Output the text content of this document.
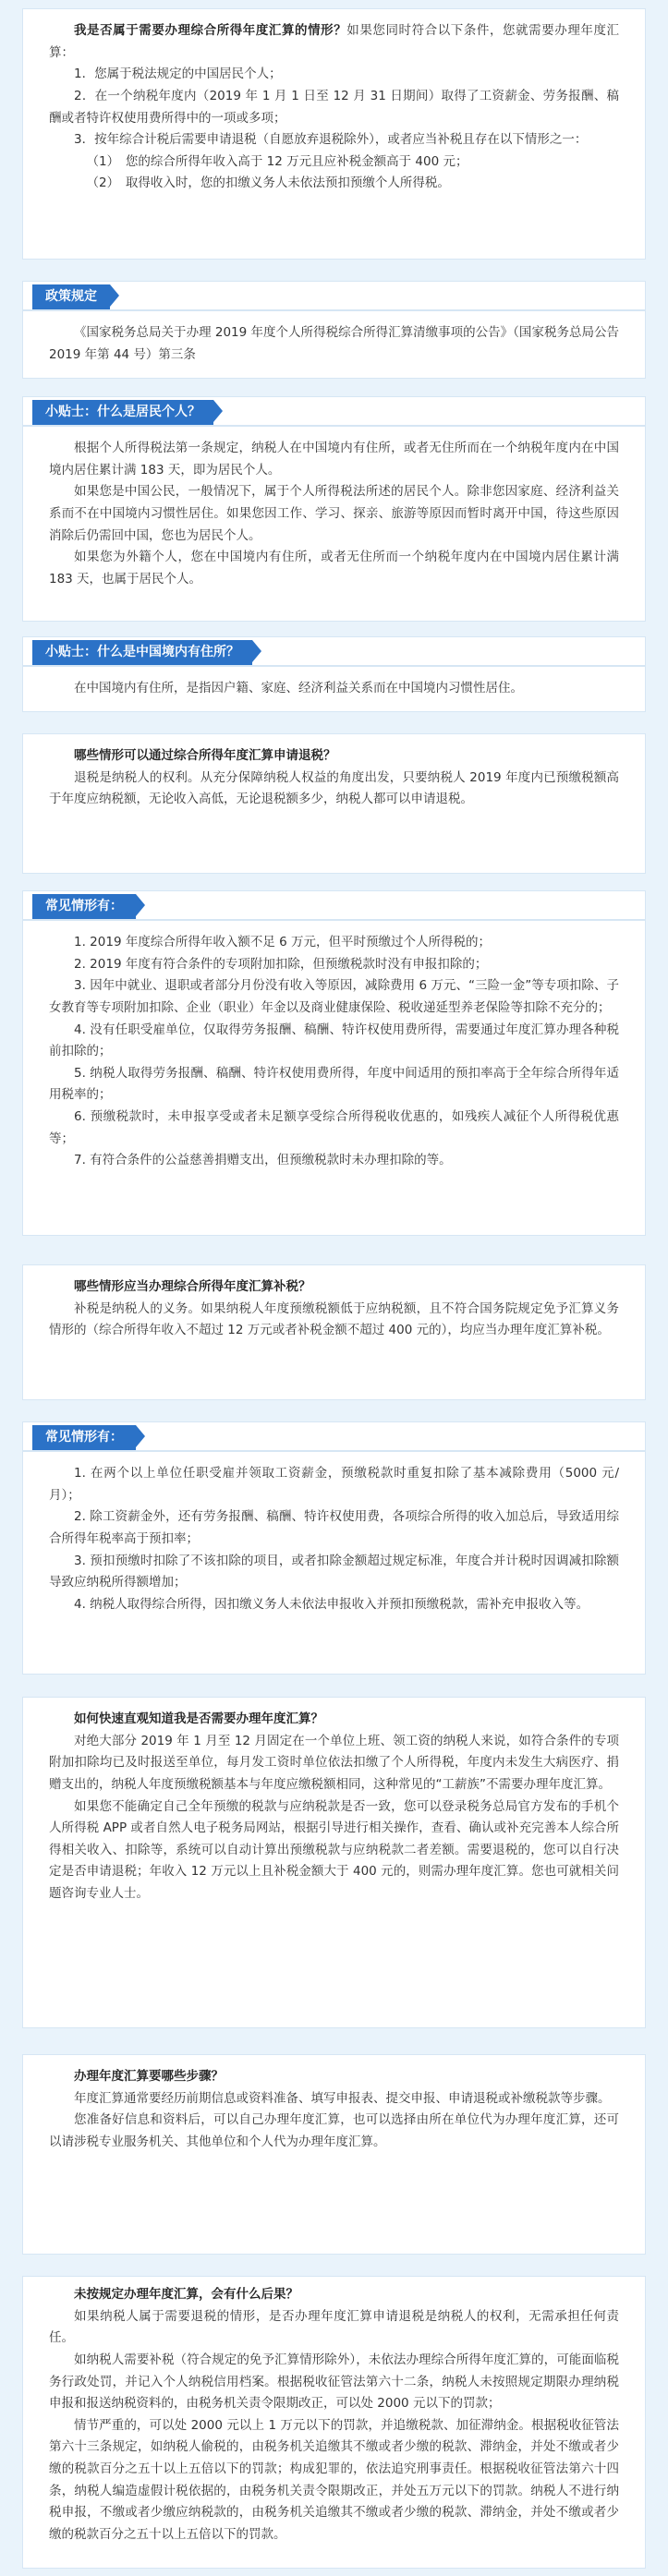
我是否属于需要办理综合所得年度汇算的情形？如果您同时符合以下条件，您就需要办理年度汇算：

1．您属于税法规定的中国居民个人；

2．在一个纳税年度内（2019 年 1 月 1 日至 12 月 31 日期间）取得了工资薪金、劳务报酬、稿酬或者特许权使用费所得中的一项或多项；

3．按年综合计税后需要申请退税（自愿放弃退税除外），或者应当补税且存在以下情形之一：

（1）　您的综合所得年收入高于 12 万元且应补税金额高于 400 元；

（2）　取得收入时，您的扣缴义务人未依法预扣预缴个人所得税。

政策规定

《国家税务总局关于办理 2019 年度个人所得税综合所得汇算清缴事项的公告》（国家税务总局公告 2019 年第 44 号）第三条

小贴士：什么是居民个人？

根据个人所得税法第一条规定，纳税人在中国境内有住所，或者无住所而在一个纳税年度内在中国境内居住累计满 183 天，即为居民个人。

如果您是中国公民，一般情况下，属于个人所得税法所述的居民个人。除非您因家庭、经济利益关系而不在中国境内习惯性居住。如果您因工作、学习、探亲、旅游等原因而暂时离开中国，待这些原因消除后仍需回中国，您也为居民个人。

如果您为外籍个人，您在中国境内有住所，或者无住所而一个纳税年度内在中国境内居住累计满 183 天，也属于居民个人。

小贴士：什么是中国境内有住所？

在中国境内有住所，是指因户籍、家庭、经济利益关系而在中国境内习惯性居住。

哪些情形可以通过综合所得年度汇算申请退税？

退税是纳税人的权利。从充分保障纳税人权益的角度出发，只要纳税人 2019 年度内已预缴税额高于年度应纳税额，无论收入高低，无论退税额多少，纳税人都可以申请退税。

常见情形有：

1. 2019 年度综合所得年收入额不足 6 万元，但平时预缴过个人所得税的；

2. 2019 年度有符合条件的专项附加扣除，但预缴税款时没有申报扣除的；

3. 因年中就业、退职或者部分月份没有收入等原因，减除费用 6 万元、“三险一金”等专项扣除、子女教育等专项附加扣除、企业（职业）年金以及商业健康保险、税收递延型养老保险等扣除不充分的；

4. 没有任职受雇单位，仅取得劳务报酬、稿酬、特许权使用费所得，需要通过年度汇算办理各种税前扣除的；

5. 纳税人取得劳务报酬、稿酬、特许权使用费所得，年度中间适用的预扣率高于全年综合所得年适用税率的；

6. 预缴税款时，未申报享受或者未足额享受综合所得税收优惠的，如残疾人减征个人所得税优惠等；

7. 有符合条件的公益慈善捐赠支出，但预缴税款时未办理扣除的等。

哪些情形应当办理综合所得年度汇算补税？

补税是纳税人的义务。如果纳税人年度预缴税额低于应纳税额，且不符合国务院规定免予汇算义务情形的（综合所得年收入不超过 12 万元或者补税金额不超过 400 元的），均应当办理年度汇算补税。

常见情形有：

1. 在两个以上单位任职受雇并领取工资薪金，预缴税款时重复扣除了基本减除费用（5000 元/月）；

2. 除工资薪金外，还有劳务报酬、稿酬、特许权使用费，各项综合所得的收入加总后，导致适用综合所得年税率高于预扣率；

3. 预扣预缴时扣除了不该扣除的项目，或者扣除金额超过规定标准，年度合并计税时因调减扣除额导致应纳税所得额增加；

4. 纳税人取得综合所得，因扣缴义务人未依法申报收入并预扣预缴税款，需补充申报收入等。

如何快速直观知道我是否需要办理年度汇算？

对绝大部分 2019 年 1 月至 12 月固定在一个单位上班、领工资的纳税人来说，如符合条件的专项附加扣除均已及时报送至单位，每月发工资时单位依法扣缴了个人所得税，年度内未发生大病医疗、捐赠支出的，纳税人年度预缴税额基本与年度应缴税额相同，这种常见的“工薪族”不需要办理年度汇算。

如果您不能确定自己全年预缴的税款与应纳税款是否一致，您可以登录税务总局官方发布的手机个人所得税 APP 或者自然人电子税务局网站，根据引导进行相关操作，查看、确认或补充完善本人综合所得相关收入、扣除等，系统可以自动计算出预缴税款与应纳税款二者差额。需要退税的，您可以自行决定是否申请退税；年收入 12 万元以上且补税金额大于 400 元的，则需办理年度汇算。您也可就相关问题咨询专业人士。

办理年度汇算要哪些步骤？

年度汇算通常要经历前期信息或资料准备、填写申报表、提交申报、申请退税或补缴税款等步骤。

您准备好信息和资料后，可以自己办理年度汇算，也可以选择由所在单位代为办理年度汇算，还可以请涉税专业服务机关、其他单位和个人代为办理年度汇算。

未按规定办理年度汇算，会有什么后果？

如果纳税人属于需要退税的情形，是否办理年度汇算申请退税是纳税人的权利，无需承担任何责任。

如纳税人需要补税（符合规定的免予汇算情形除外），未依法办理综合所得年度汇算的，可能面临税务行政处罚，并记入个人纳税信用档案。根据税收征管法第六十二条，纳税人未按照规定期限办理纳税申报和报送纳税资料的，由税务机关责令限期改正，可以处 2000 元以下的罚款；

情节严重的，可以处 2000 元以上 1 万元以下的罚款，并追缴税款、加征滞纳金。根据税收征管法第六十三条规定，如纳税人偷税的，由税务机关追缴其不缴或者少缴的税款、滞纳金，并处不缴或者少缴的税款百分之五十以上五倍以下的罚款；构成犯罪的，依法追究刑事责任。根据税收征管法第六十四条，纳税人编造虚假计税依据的，由税务机关责令限期改正，并处五万元以下的罚款。纳税人不进行纳税申报，不缴或者少缴应纳税款的，由税务机关追缴其不缴或者少缴的税款、滞纳金，并处不缴或者少缴的税款百分之五十以上五倍以下的罚款。
